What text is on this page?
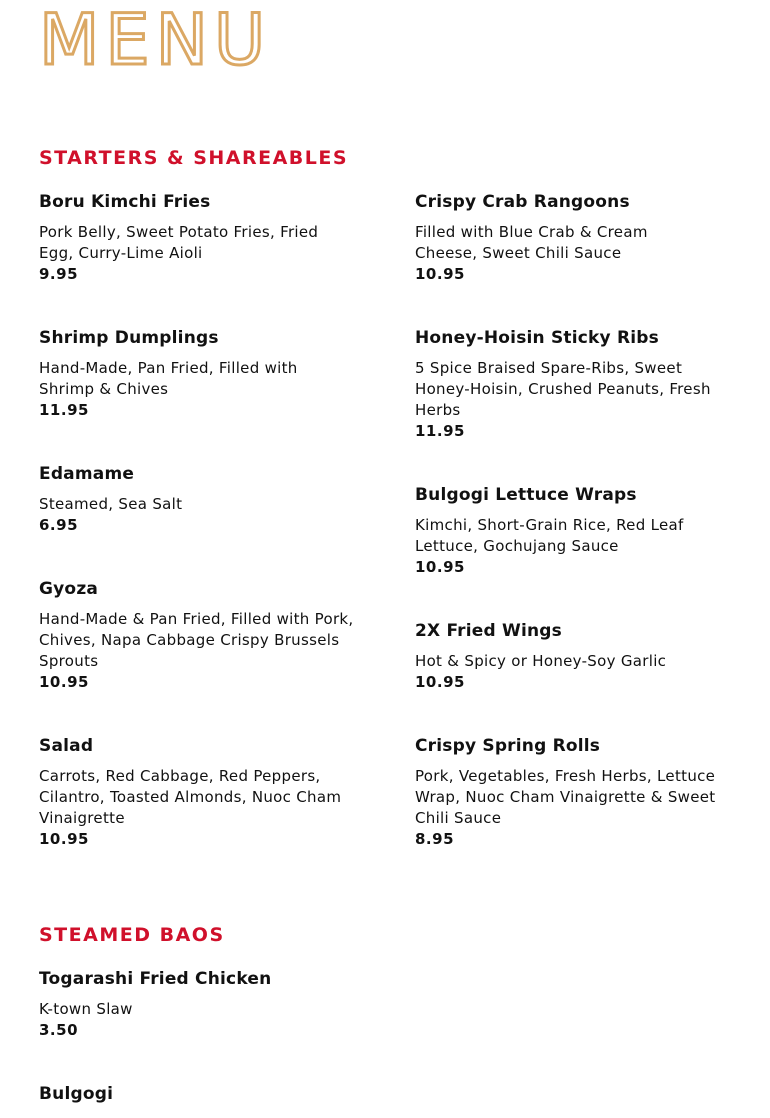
MENU
STARTERS & SHAREABLES
Boru Kimchi Fries
Pork Belly, Sweet Potato Fries, Fried Egg, Curry-Lime Aioli
9.95
Shrimp Dumplings
Hand-Made, Pan Fried, Filled with Shrimp & Chives
11.95
Edamame
Steamed, Sea Salt
6.95
Gyoza
Hand-Made & Pan Fried, Filled with Pork, Chives, Napa Cabbage Crispy Brussels Sprouts
10.95
Salad
Carrots, Red Cabbage, Red Peppers, Cilantro, Toasted Almonds, Nuoc Cham Vinaigrette
10.95
Crispy Crab Rangoons
Filled with Blue Crab & Cream Cheese, Sweet Chili Sauce
10.95
Honey-Hoisin Sticky Ribs
5 Spice Braised Spare-Ribs, Sweet Honey-Hoisin, Crushed Peanuts, Fresh Herbs
11.95
Bulgogi Lettuce Wraps
Kimchi, Short-Grain Rice, Red Leaf Lettuce, Gochujang Sauce
10.95
2X Fried Wings
Hot & Spicy or Honey-Soy Garlic
10.95
Crispy Spring Rolls
Pork, Vegetables, Fresh Herbs, Lettuce Wrap, Nuoc Cham Vinaigrette & Sweet Chili Sauce
8.95
STEAMED BAOS
Togarashi Fried Chicken
K-town Slaw
3.50
Bulgogi
